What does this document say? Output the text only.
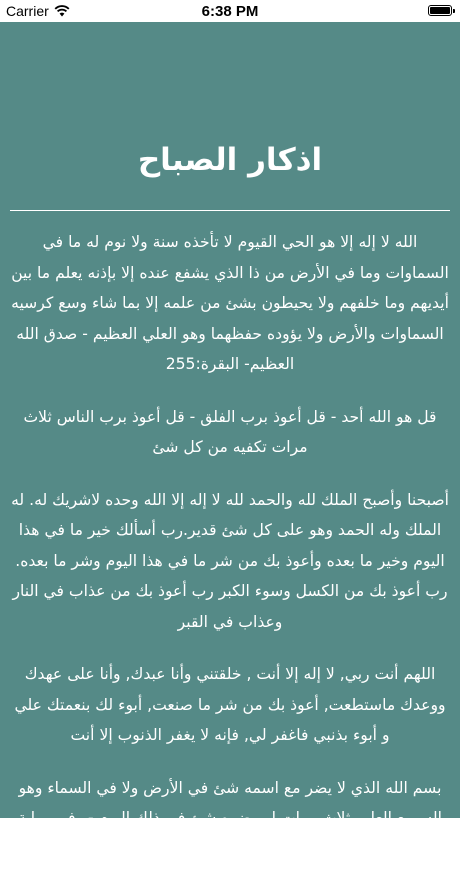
Carrier	6:38 PM
اذكار الصباح

الله لا إله إلا هو الحي القيوم لا تأخذه سنة ولا نوم له ما في السماوات وما في الأرض من ذا الذي يشفع عنده إلا بإذنه يعلم ما بين أيديهم وما خلفهم ولا يحيطون بشئ من علمه إلا بما شاء وسع كرسيه السماوات والأرض ولا يؤوده حفظهما وهو العلي العظيم - صدق الله العظيم- البقرة:255

قل هو الله أحد - قل أعوذ برب الفلق - قل أعوذ برب الناس ثلاث مرات تكفيه من كل شئ

أصبحنا وأصبح الملك لله والحمد لله لا إله إلا الله وحده لاشريك له. له الملك وله الحمد وهو على كل شئ قدير.رب أسألك خير ما في هذا اليوم وخير ما بعده وأعوذ بك من شر ما في هذا اليوم وشر ما بعده. رب أعوذ بك من الكسل وسوء الكبر رب أعوذ بك من عذاب في النار وعذاب في القبر

اللهم أنت ربي, لا إله إلا أنت , خلقتني وأنا عبدك, وأنا على عهدك ووعدك ماستطعت, أعوذ بك من شر ما صنعت, أبوء لك بنعمتك علي و أبوء بذنبي فاغفر لي, فإنه لا يغفر الذنوب إلا أنت

بسم الله الذي لا يضر مع اسمه شئ في الأرض ولا في السماء وهو السميع العليم ثلاث مرات لم يضره شئ في ذلك اليوم - وفي رواية لم تصبه فجأة بلاء
